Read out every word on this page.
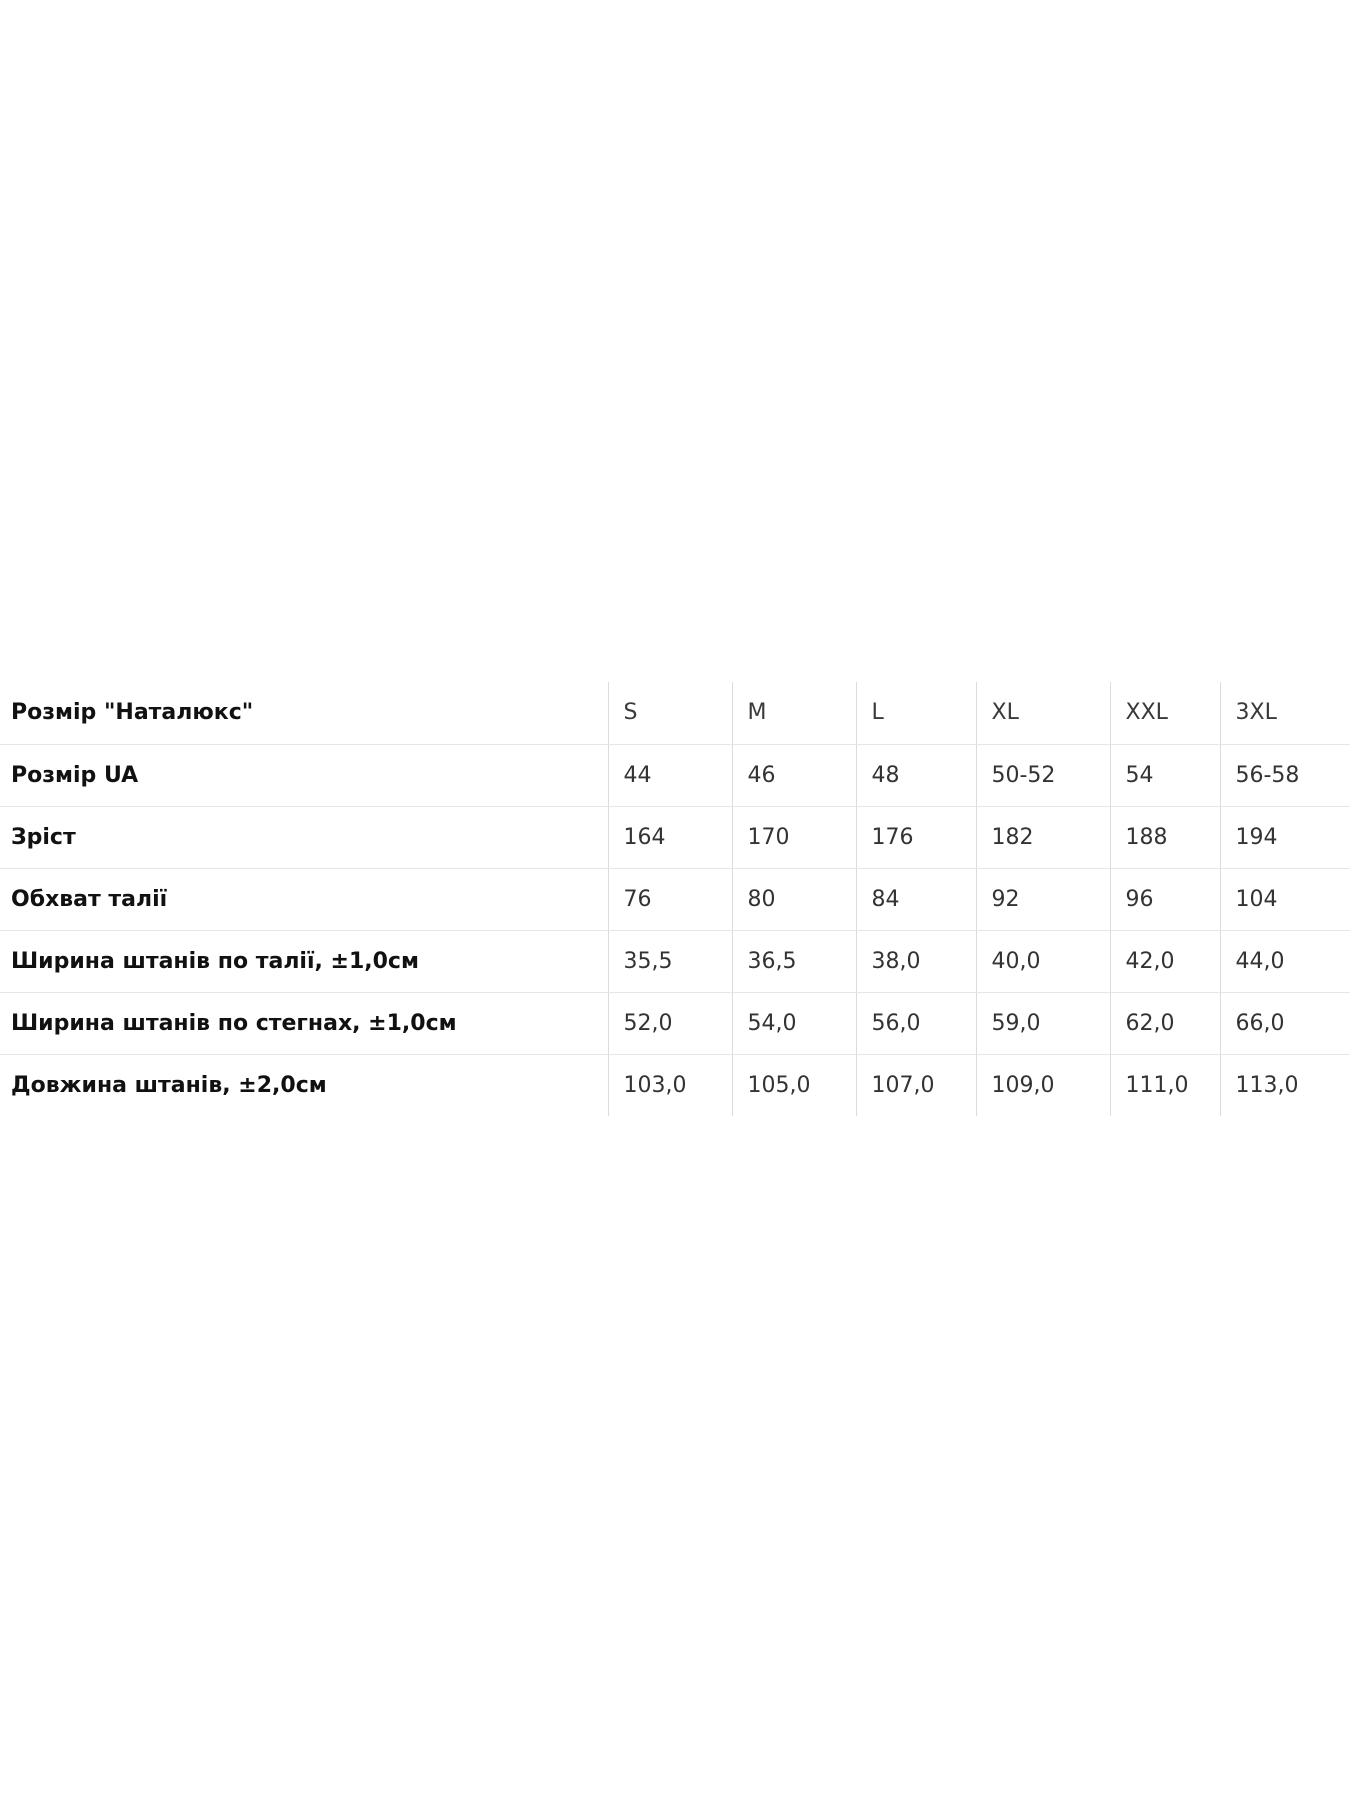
Розмір "Наталюкс"	S	M	L	XL	XXL	3XL
Розмір UA	44	46	48	50-52	54	56-58
Зріст	164	170	176	182	188	194
Обхват талії	76	80	84	92	96	104
Ширина штанів по талії, ±1,0см	35,5	36,5	38,0	40,0	42,0	44,0
Ширина штанів по стегнах, ±1,0см	52,0	54,0	56,0	59,0	62,0	66,0
Довжина штанів, ±2,0см	103,0	105,0	107,0	109,0	111,0	113,0
